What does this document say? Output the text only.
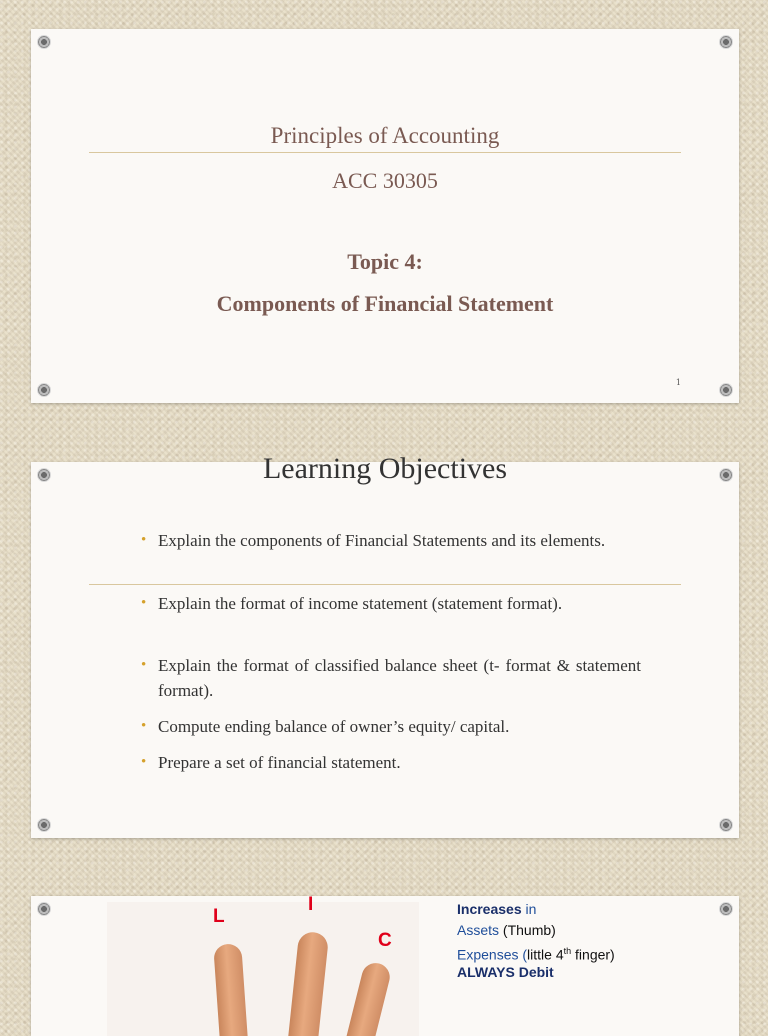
Principles of Accounting
ACC 30305
Topic 4:
Components of Financial Statement
1
Learning Objectives
• Explain the components of Financial Statements and its elements.
• Explain the format of income statement (statement format).
• Explain the format of classified balance sheet (t- format & statement format).
• Compute ending balance of owner’s equity/ capital.
• Prepare a set of financial statement.
L
I
C
Increases in
Assets (Thumb)
Expenses (little 4th finger)
ALWAYS Debit
